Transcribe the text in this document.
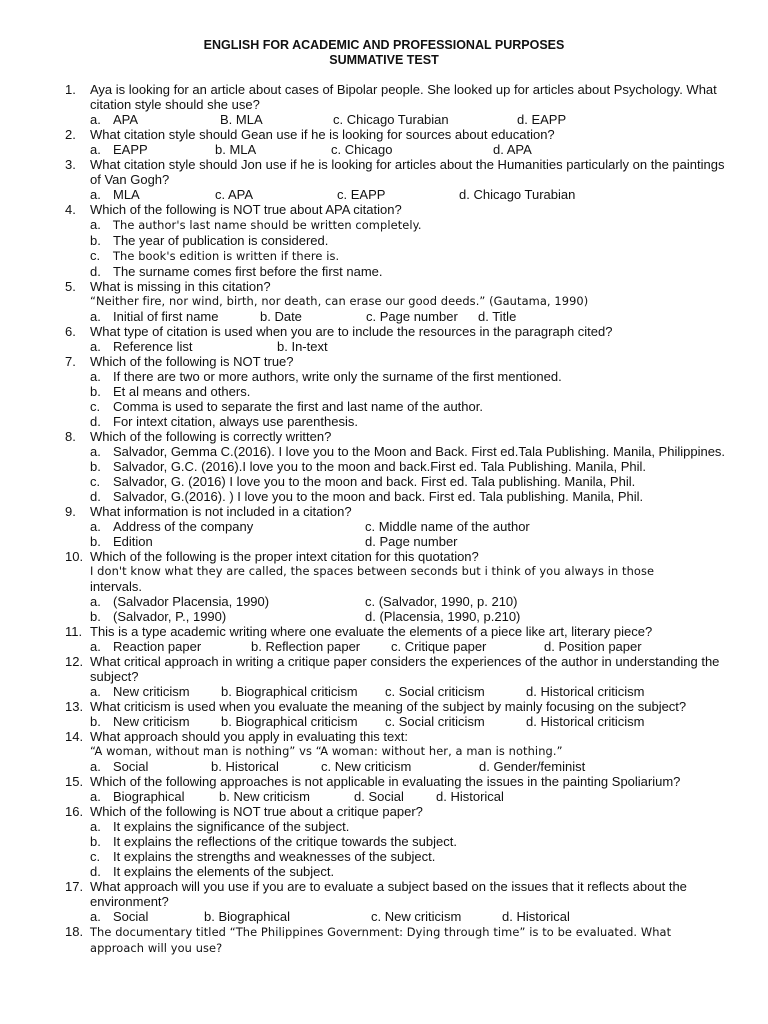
ENGLISH FOR ACADEMIC AND PROFESSIONAL PURPOSES
SUMMATIVE TEST
1. Aya is looking for an article about cases of Bipolar people. She looked up for articles about Psychology. What citation style should she use?
a. APA	B. MLA	c. Chicago Turabian	d. EAPP
2. What citation style should Gean use if he is looking for sources about education?
a. EAPP	b. MLA	c. Chicago	d. APA
3. What citation style should Jon use if he is looking for articles about the Humanities particularly on the paintings of Van Gogh?
a. MLA	c. APA	c. EAPP	d. Chicago Turabian
4. Which of the following is NOT true about APA citation?
a. The author's last name should be written completely.
b. The year of publication is considered.
c. The book's edition is written if there is.
d. The surname comes first before the first name.
5. What is missing in this citation?
“Neither fire, nor wind, birth, nor death, can erase our good deeds.” (Gautama, 1990)
a. Initial of first name	b. Date	c. Page number d. Title
6. What type of citation is used when you are to include the resources in the paragraph cited?
a. Reference list	b. In-text
7. Which of the following is NOT true?
a. If there are two or more authors, write only the surname of the first mentioned.
b. Et al means and others.
c. Comma is used to separate the first and last name of the author.
d. For intext citation, always use parenthesis.
8. Which of the following is correctly written?
a. Salvador, Gemma C.(2016). I love you to the Moon and Back. First ed.Tala Publishing. Manila, Philippines.
b. Salvador, G.C. (2016).I love you to the moon and back.First ed. Tala Publishing. Manila, Phil.
c. Salvador, G. (2016) I love you to the moon and back. First ed. Tala publishing. Manila, Phil.
d. Salvador, G.(2016). ) I love you to the moon and back. First ed. Tala publishing. Manila, Phil.
9. What information is not included in a citation?
a. Address of the company	c. Middle name of the author
b. Edition	d. Page number
10. Which of the following is the proper intext citation for this quotation?
I don't know what they are called, the spaces between seconds but i think of you always in those
intervals.
a. (Salvador Placensia, 1990)	c. (Salvador, 1990, p. 210)
b. (Salvador, P., 1990)	d. (Placensia, 1990, p.210)
11. This is a type academic writing where one evaluate the elements of a piece like art, literary piece?
a. Reaction paper	b. Reflection paper c. Critique paper	d. Position paper
12. What critical approach in writing a critique paper considers the experiences of the author in understanding the subject?
a. New criticism b. Biographical criticism c. Social criticism	d. Historical criticism
13. What criticism is used when you evaluate the meaning of the subject by mainly focusing on the subject?
b. New criticism b. Biographical criticism c. Social criticism	d. Historical criticism
14. What approach should you apply in evaluating this text:
“A woman, without man is nothing” vs “A woman: without her, a man is nothing.”
a. Social	b. Historical	c. New criticism	d. Gender/feminist
15. Which of the following approaches is not applicable in evaluating the issues in the painting Spoliarium?
a. Biographical	b. New criticism	d. Social d. Historical
16. Which of the following is NOT true about a critique paper?
a. It explains the significance of the subject.
b. It explains the reflections of the critique towards the subject.
c. It explains the strengths and weaknesses of the subject.
d. It explains the elements of the subject.
17. What approach will you use if you are to evaluate a subject based on the issues that it reflects about the environment?
a. Social	b. Biographical	c. New criticism	d. Historical
18. The documentary titled “The Philippines Government: Dying through time” is to be evaluated. What approach will you use?
